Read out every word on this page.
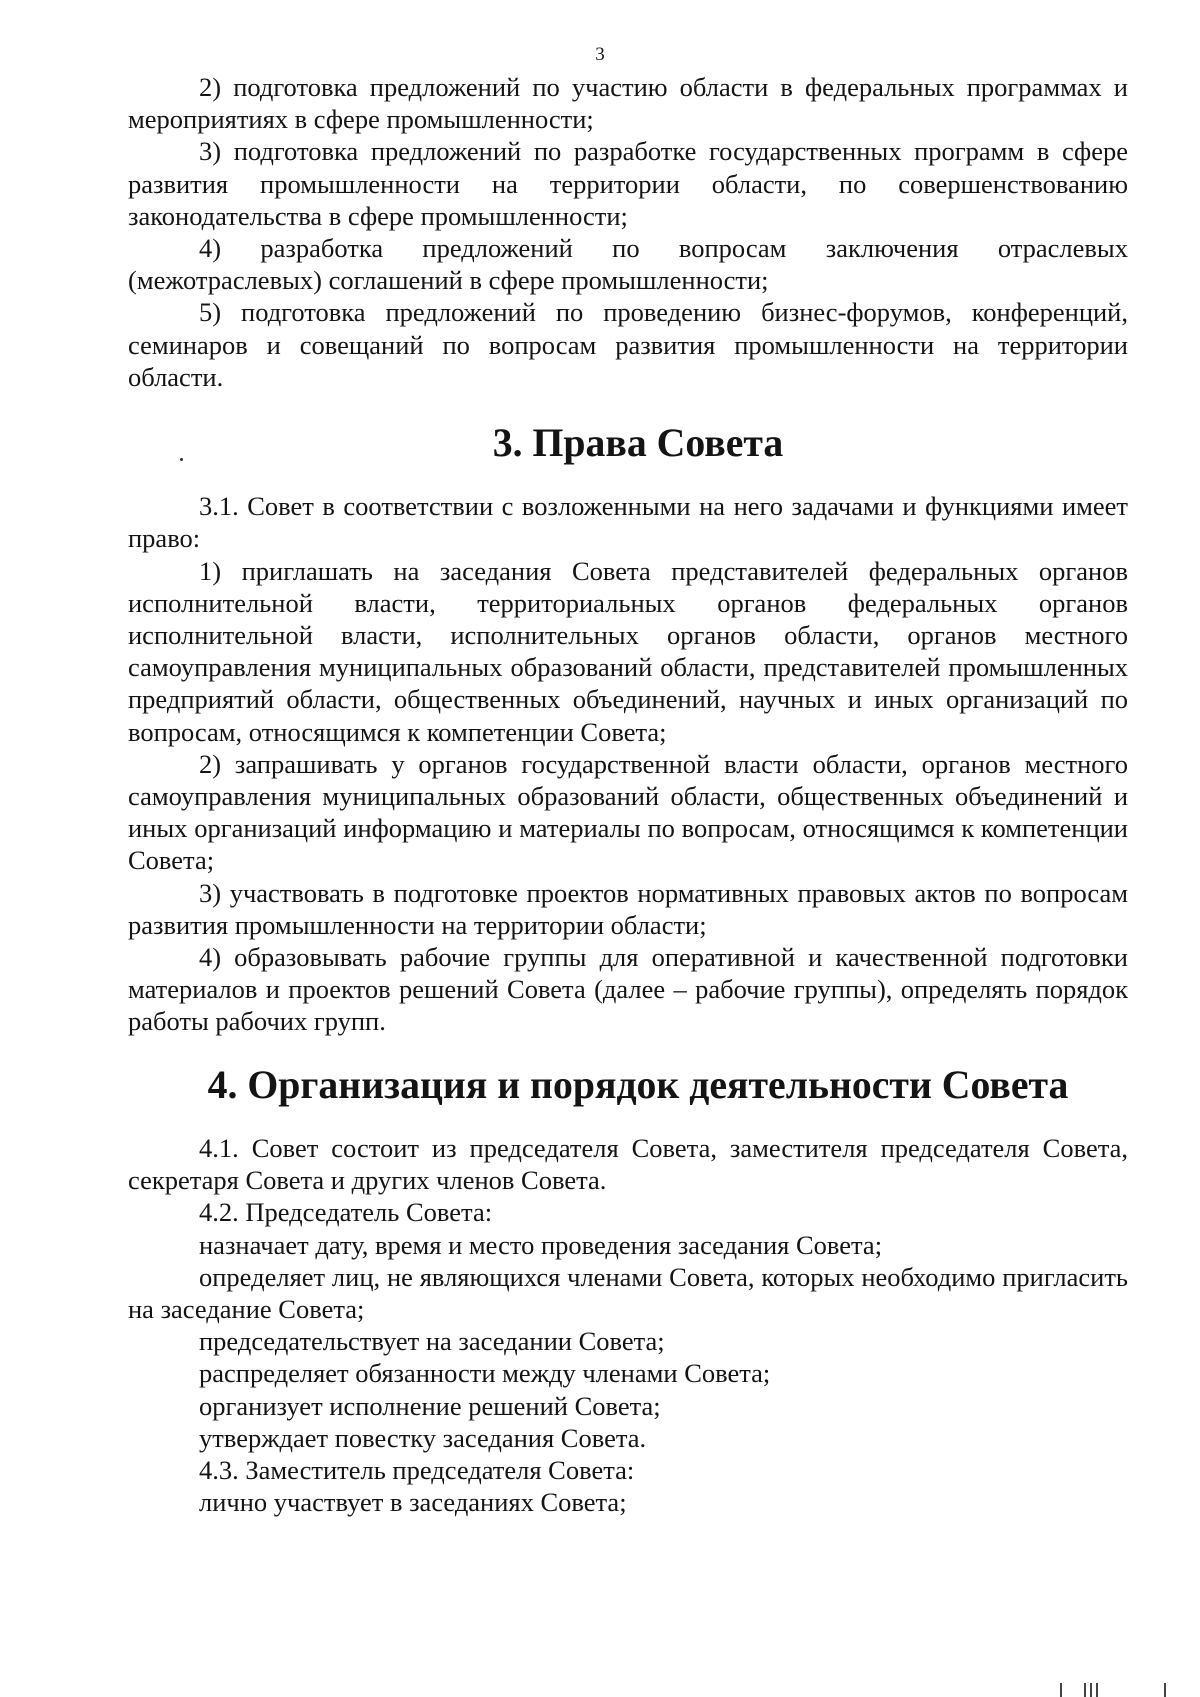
3

2) подготовка предложений по участию области в федеральных программах и мероприятиях в сфере промышленности;

3) подготовка предложений по разработке государственных программ в сфере развития промышленности на территории области, по совершенствованию законодательства в сфере промышленности;

4) разработка предложений по вопросам заключения отраслевых (межотраслевых) соглашений в сфере промышленности;

5) подготовка предложений по проведению бизнес-форумов, конференций, семинаров и совещаний по вопросам развития промышленности на территории области.

3. Права Совета

3.1. Совет в соответствии с возложенными на него задачами и функциями имеет право:

1) приглашать на заседания Совета представителей федеральных органов исполнительной власти, территориальных органов федеральных органов исполнительной власти, исполнительных органов области, органов местного самоуправления муниципальных образований области, представителей промышленных предприятий области, общественных объединений, научных и иных организаций по вопросам, относящимся к компетенции Совета;

2) запрашивать у органов государственной власти области, органов местного самоуправления муниципальных образований области, общественных объединений и иных организаций информацию и материалы по вопросам, относящимся к компетенции Совета;

3) участвовать в подготовке проектов нормативных правовых актов по вопросам развития промышленности на территории области;

4) образовывать рабочие группы для оперативной и качественной подготовки материалов и проектов решений Совета (далее – рабочие группы), определять порядок работы рабочих групп.

4. Организация и порядок деятельности Совета

4.1. Совет состоит из председателя Совета, заместителя председателя Совета, секретаря Совета и других членов Совета.

4.2. Председатель Совета:

назначает дату, время и место проведения заседания Совета;

определяет лиц, не являющихся членами Совета, которых необходимо пригласить на заседание Совета;

председательствует на заседании Совета;

распределяет обязанности между членами Совета;

организует исполнение решений Совета;

утверждает повестку заседания Совета.

4.3. Заместитель председателя Совета:

лично участвует в заседаниях Совета;
